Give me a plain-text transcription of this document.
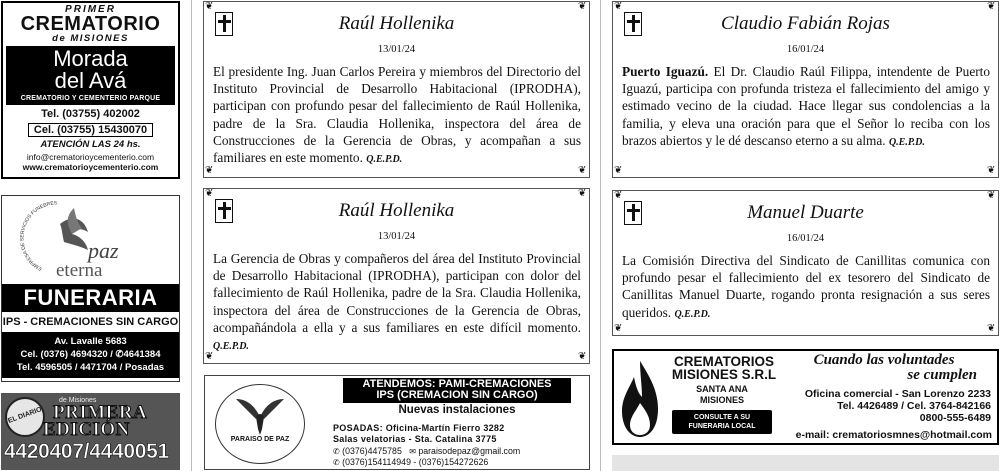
PRIMER
CREMATORIO
de MISIONES
Morada
del Avá
CREMATORIO Y CEMENTERIO PARQUE
Tel. (03755) 402002
Cel. (03755) 15430070
ATENCIÓN LAS 24 hs.
info@crematorioycementerio.com
www.crematorioycementerio.com
EMPRESA DE SERVICIOS FUNEBRES
paz
eterna
FUNERARIA
IPS - CREMACIONES SIN CARGO
Av. Lavalle 5683
Cel. (0376) 4694320 / ✆4641384
Tel. 4596505 / 4471704 / Posadas
EL DIARIO
de Misiones
PRIMERA
EDICIÓN
4420407/4440051
❦	❦
❦	❦
Raúl Hollenika
13/01/24
El presidente Ing. Juan Carlos Pereira y miembros del Directorio del Instituto Provincial de Desarrollo Habitacional (IPRODHA), participan con profundo pesar del fallecimiento de Raúl Hollenika, padre de la Sra. Claudia Hollenika, inspectora del área de Construcciones de la Gerencia de Obras, y acompañan a sus familiares en este momento. Q.E.P.D.
❦	❦
❦	❦
Raúl Hollenika
13/01/24
La Gerencia de Obras y compañeros del área del Instituto Provincial de Desarrollo Habitacional (IPRODHA), participan con dolor del fallecimiento de Raúl Hollenika, padre de la Sra. Claudia Hollenika, inspectora del área de Construcciones de la Gerencia de Obras, acompañándola a ella y a sus familiares en este difícil momento. Q.E.P.D.
❦	❦
❦	❦
Claudio Fabián Rojas
16/01/24
Puerto Iguazú. El Dr. Claudio Raúl Filippa, intendente de Puerto Iguazú, participa con profunda tristeza el fallecimiento del amigo y estimado vecino de la ciudad. Hace llegar sus condolencias a la familia, y eleva una oración para que el Señor lo reciba con los brazos abiertos y le dé descanso eterno a su alma. Q.E.P.D.
❦	❦
❦	❦
Manuel Duarte
16/01/24
La Comisión Directiva del Sindicato de Canillitas comunica con profundo pesar el fallecimiento del ex tesorero del Sindicato de Canillitas Manuel Duarte, rogando pronta resignación a sus seres queridos. Q.E.P.D.
PARAISO DE PAZ
ATENDEMOS: PAMI-CREMACIONES
IPS (CREMACION SIN CARGO)
Nuevas instalaciones
POSADAS: Oficina-Martín Fierro 3282
Salas velatorias - Sta. Catalina 3775
✆ (0376)4475785 ✉ paraisodepaz@gmail.com
✆ (0376)154114949 - (0376)154272626
CREMATORIOS
MISIONES S.R.L
SANTA ANA
MISIONES
CONSULTE A SU
FUNERARIA LOCAL
Cuando las voluntades
se cumplen
Oficina comercial - San Lorenzo 2233
Tel. 4426489 / Cel. 3764-842166
0800-555-6489
e-mail: crematoriosmnes@hotmail.com
